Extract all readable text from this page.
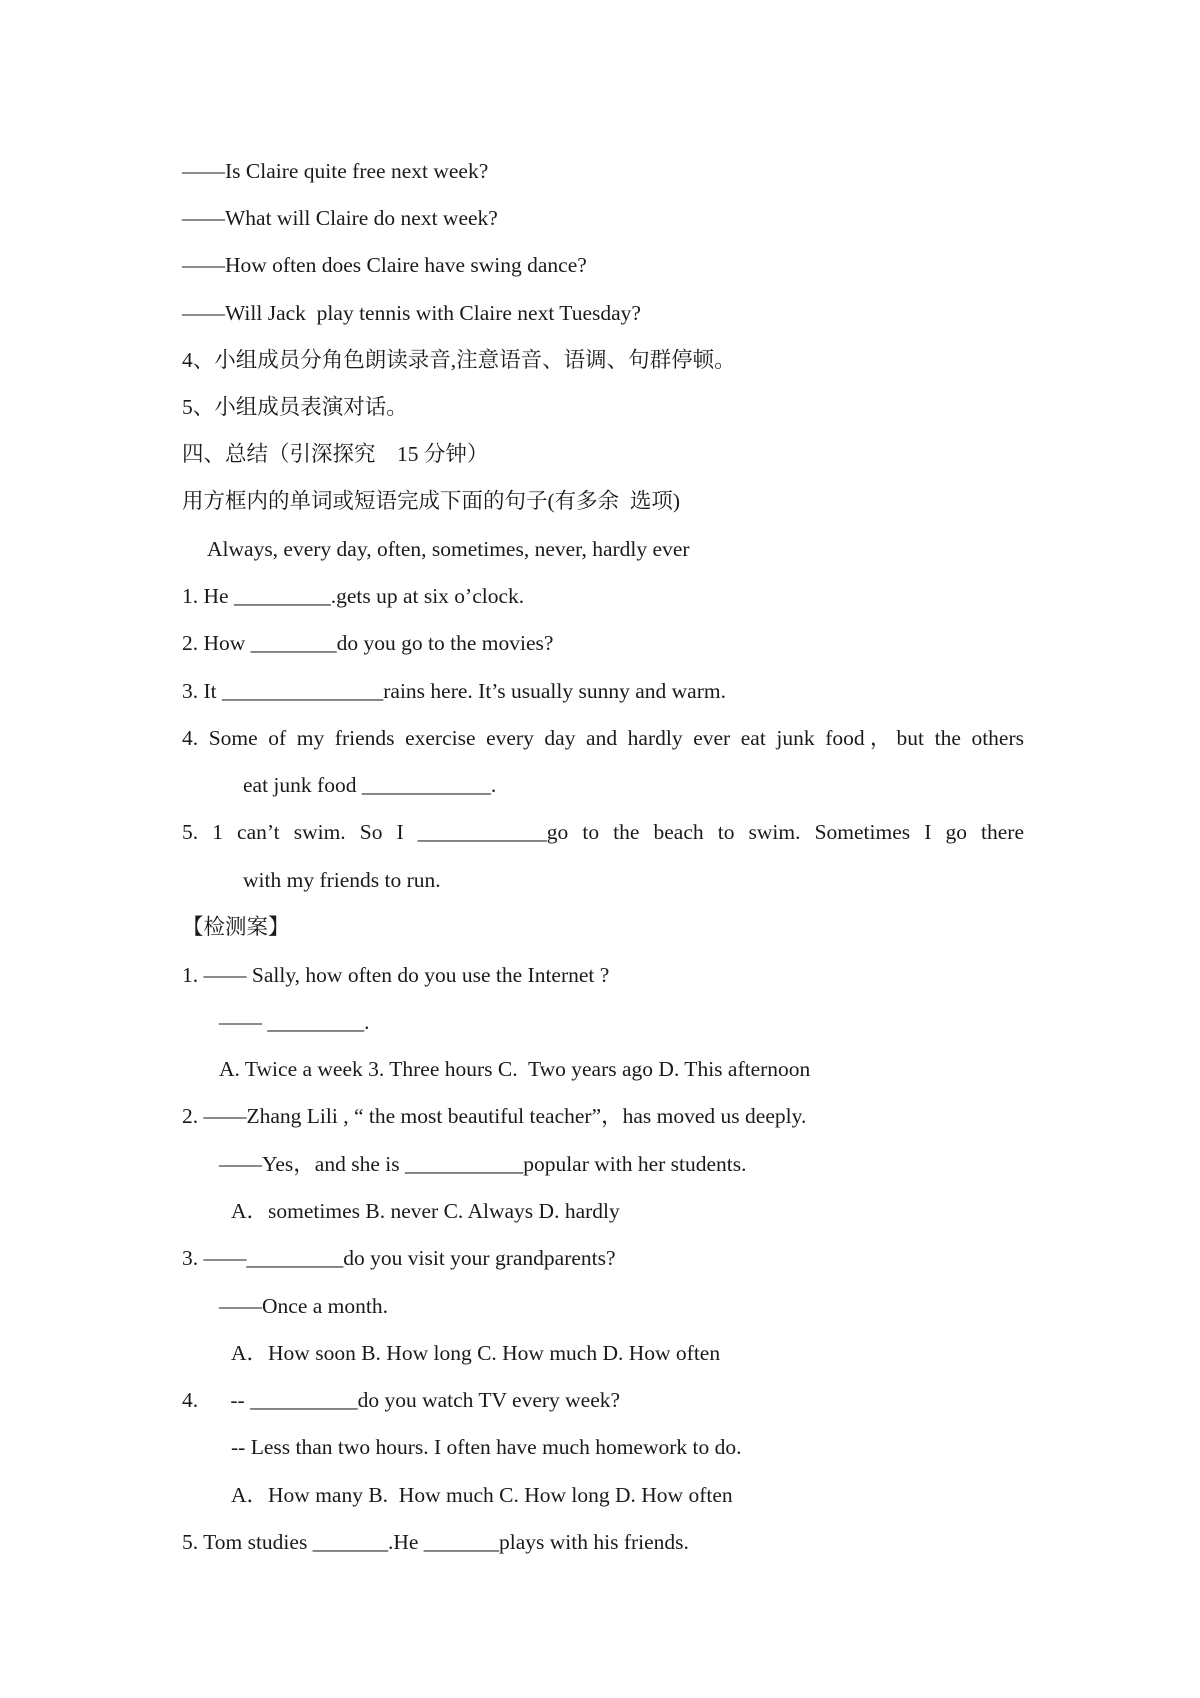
——Is Claire quite free next week?
——What will Claire do next week?
——How often does Claire have swing dance?
——Will Jack  play tennis with Claire next Tuesday?
4、小组成员分角色朗读录音,注意语音、语调、句群停顿。
5、小组成员表演对话。
四、总结（引深探究    15 分钟）
用方框内的单词或短语完成下面的句子(有多余  选项)
Always, every day, often, sometimes, never, hardly ever
1. He _________.gets up at six o’clock.
2. How ________do you go to the movies?
3. It _______________rains here. It’s usually sunny and warm.
4. Some of my friends exercise every day and hardly ever eat junk food，but the others
eat junk food ____________.
5. 1 can’t swim. So I ____________go to the beach to swim. Sometimes I go there
with my friends to run.
【检测案】
1. —— Sally, how often do you use the Internet ?
—— _________.
A. Twice a week 3. Three hours C.  Two years ago D. This afternoon
2. ——Zhang Lili , “ the most beautiful teacher”，has moved us deeply.
——Yes，and she is ___________popular with her students.
A．sometimes B. never C. Always D. hardly
3. ——_________do you visit your grandparents?
——Once a month.
A．How soon B. How long C. How much D. How often
4.      -- __________do you watch TV every week?
-- Less than two hours. I often have much homework to do.
A．How many B.  How much C. How long D. How often
5. Tom studies _______.He _______plays with his friends.
